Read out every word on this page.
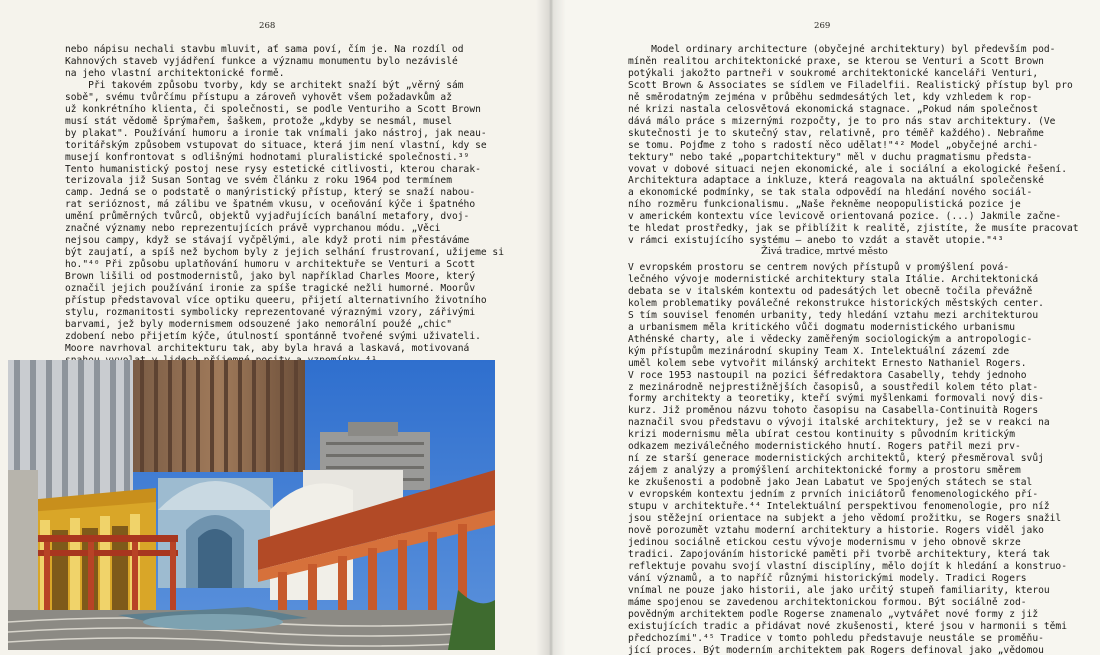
268
nebo nápisu nechali stavbu mluvit, ať sama poví, čím je. Na rozdíl od
Kahnových staveb vyjádření funkce a významu monumentu bylo nezávislé
na jeho vlastní architektonické formě.
Při takovém způsobu tvorby, kdy se architekt snaží být „věrný sám
sobě", svému tvůrčímu přístupu a zároveň vyhovět všem požadavkům až
už konkrétního klienta, či společnosti, se podle Venturiho a Scott Brown
musí stát vědomě šprýmařem, šaškem, protože „kdyby se nesmál, musel
by plakat". Používání humoru a ironie tak vnímali jako nástroj, jak neau-
toritářským způsobem vstupovat do situace, která jim není vlastní, kdy se
musejí konfrontovat s odlišnými hodnotami pluralistické společnosti.³⁹
Tento humanistický postoj nese rysy estetické citlivosti, kterou charak-
terizovala již Susan Sontag ve svém článku z roku 1964 pod termínem
camp. Jedná se o podstatě o manýristický přístup, který se snaží nabou-
rat serióznost, má zálibu ve špatném vkusu, v oceňování kýče i špatného
umění průměrných tvůrců, objektů vyjadřujících banální metafory, dvoj-
značné významy nebo reprezentujících právě vyprchanou módu. „Věci
nejsou campy, když se stávají vyčpělými, ale když proti nim přestáváme
být zaujatí, a spíš než bychom byly z jejich selhání frustrovaní, užijeme si
ho."⁴⁰ Při způsobu uplatňování humoru v architektuře se Venturi a Scott
Brown lišili od postmodernistů, jako byl například Charles Moore, který
označil jejich používání ironie za spíše tragické nežli humorné. Moorův
přístup představoval více optiku queeru, přijetí alternativního životního
stylu, rozmanitosti symbolicky reprezentované výraznými vzory, zářivými
barvami, jež byly modernismem odsouzené jako nemorální použé „chic"
zdobení nebo přijetím kýče, útulností spontánně tvořené svými uživateli.
Moore navrhoval architekturu tak, aby byla hravá a laskavá, motivovaná

269
Model ordinary architecture (obyčejné architektury) byl především pod-
míněn realitou architektonické praxe, se kterou se Venturi a Scott Brown
potýkali jakožto partneři v soukromé architektonické kanceláři Venturi,
Scott Brown & Associates se sídlem ve Filadelfii. Realistický přístup byl pro
ně směrodatným zejména v průběhu sedmdesátých let, kdy vzhledem k rop-
né krizi nastala celosvětová ekonomická stagnace. „Pokud nám společnost
dává málo práce s mizernými rozpočty, je to pro nás stav architektury. (Ve
skutečnosti je to skutečný stav, relativně, pro téměř každého). Nebraňme
se tomu. Pojďme z toho s radostí něco udělat!"⁴² Model „obyčejné archi-
tektury" nebo také „popartchitektury" měl v duchu pragmatismu předsta-
vovat v dobové situaci nejen ekonomické, ale i sociální a ekologické řešení.
Architektura adaptace a inkluze, která reagovala na aktuální společenské
a ekonomické podmínky, se tak stala odpovědí na hledání nového sociál-
ního rozměru funkcionalismu. „Naše řekněme neopopulistická pozice je
v americkém kontextu více levicově orientovaná pozice. (...) Jakmile začne-
te hledat prostředky, jak se přiblížit k realitě, zjistíte, že musíte pracovat
v rámci existujícího systému – anebo to vzdát a stavět utopie."⁴³
Živá tradice, mrtvé město
V evropském prostoru se centrem nových přístupů v promýšlení pová-
lečného vývoje modernistické architektury stala Itálie. Architektonická
debata se v italském kontextu od padesátých let obecně točila převážně
kolem problematiky poválečné rekonstrukce historických městských center.
S tím souvisel fenomén urbanity, tedy hledání vztahu mezi architekturou
a urbanismem měla kritického vůči dogmatu modernistického urbanismu
Athénské charty, ale i vědecky zaměřeným sociologickým a antropologic-
kým přístupům mezinárodní skupiny Team X. Intelektuální zázemí zde
uměl kolem sebe vytvořit milánský architekt Ernesto Nathaniel Rogers.
V roce 1953 nastoupil na pozici šéfredaktora Casabelly, tehdy jednoho
z mezinárodně nejprestižnějších časopisů, a soustředil kolem této plat-
formy architekty a teoretiky, kteří svými myšlenkami formovali nový dis-
kurz. Již proměnou názvu tohoto časopisu na Casabella-Continuità Rogers
naznačil svou představu o vývoji italské architektury, jež se v reakci na
krizi modernismu měla ubírat cestou kontinuity s původním kritickým
odkazem meziválečného modernistického hnutí. Rogers patřil mezi prv-
ní ze starší generace modernistických architektů, který přesměroval svůj
zájem z analýzy a promýšlení architektonické formy a prostoru směrem
ke zkušenosti a podobně jako Jean Labatut ve Spojených státech se stal
v evropském kontextu jedním z prvních iniciátorů fenomenologického pří-
stupu v architektuře.⁴⁴ Intelektuální perspektivou fenomenologie, pro níž
jsou stěžejní orientace na subjekt a jeho vědomí prožitku, se Rogers snažil
nově porozumět vztahu moderní architektury a historie. Rogers viděl jako
jedinou sociálně etickou cestu vývoje modernismu v jeho obnově skrze
tradici. Zapojováním historické paměti při tvorbě architektury, která tak
reflektuje povahu svojí vlastní disciplíny, mělo dojít k hledání a konstruo-
vání významů, a to napříč různými historickými modely. Tradici Rogers
vnímal ne pouze jako historii, ale jako určitý stupeň familiarity, kterou
máme spojenou se zavedenou architektonickou formou. Být sociálně zod-
povědným architektem podle Rogerse znamenalo „vytvářet nové formy z již
existujících tradic a přidávat nové zkušenosti, které jsou v harmonii s těmi
předchozími".⁴⁵ Tradice v tomto pohledu představuje neustále se proměňu-
jící proces. Být moderním architektem pak Rogers definoval jako „vědomou
